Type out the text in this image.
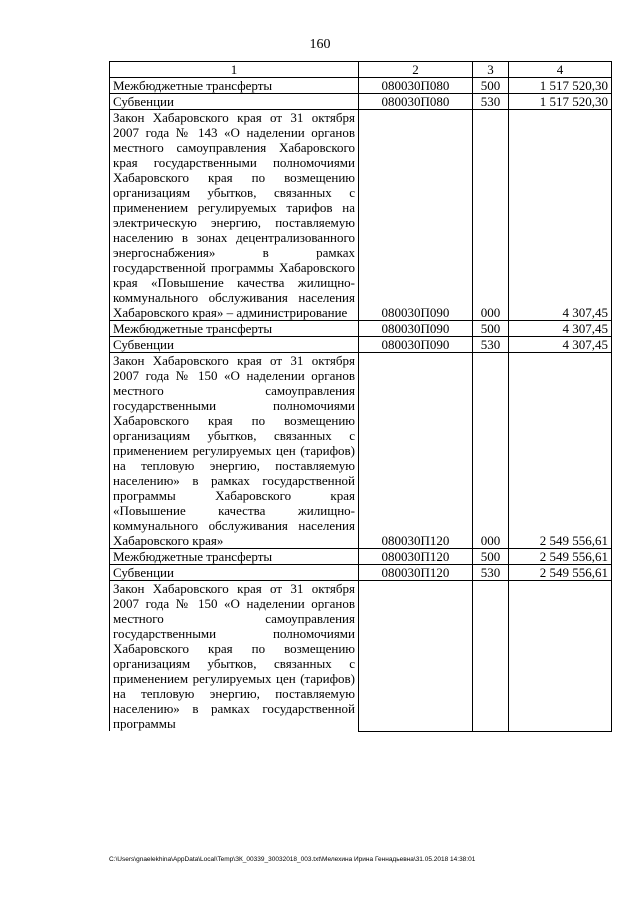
160
1	2	3	4
Межбюджетные трансферты	080030П080	500	1 517 520,30
Субвенции	080030П080	530	1 517 520,30
Закон Хабаровского края от 31 октября 2007 года № 143 «О наделении органов местного самоуправления Хабаровского края государственными полномочиями Хабаровского края по возмещению организациям убытков, связанных с применением регулируемых тарифов на электрическую энергию, поставляемую населению в зонах децентрализованного энергоснабжения» в рамках государственной программы Хабаровского края «Повышение качества жилищно-коммунального обслуживания населения Хабаровского края» – администрирование	080030П090	000	4 307,45
Межбюджетные трансферты	080030П090	500	4 307,45
Субвенции	080030П090	530	4 307,45
Закон Хабаровского края от 31 октября 2007 года № 150 «О наделении органов местного самоуправления государственными полномочиями Хабаровского края по возмещению организациям убытков, связанных с применением регулируемых цен (тарифов) на тепловую энергию, поставляемую населению» в рамках государственной программы Хабаровского края «Повышение качества жилищно-коммунального обслуживания населения Хабаровского края»	080030П120	000	2 549 556,61
Межбюджетные трансферты	080030П120	500	2 549 556,61
Субвенции	080030П120	530	2 549 556,61
Закон Хабаровского края от 31 октября 2007 года № 150 «О наделении органов местного самоуправления государственными полномочиями Хабаровского края по возмещению организациям убытков, связанных с применением регулируемых цен (тарифов) на тепловую энергию, поставляемую населению» в рамках государственной программы			
C:\Users\gnaelekhina\AppData\Local\Temp\ЗК_00339_30032018_003.txt\Мелехина Ирина Геннадьевна\31.05.2018 14:38:01
